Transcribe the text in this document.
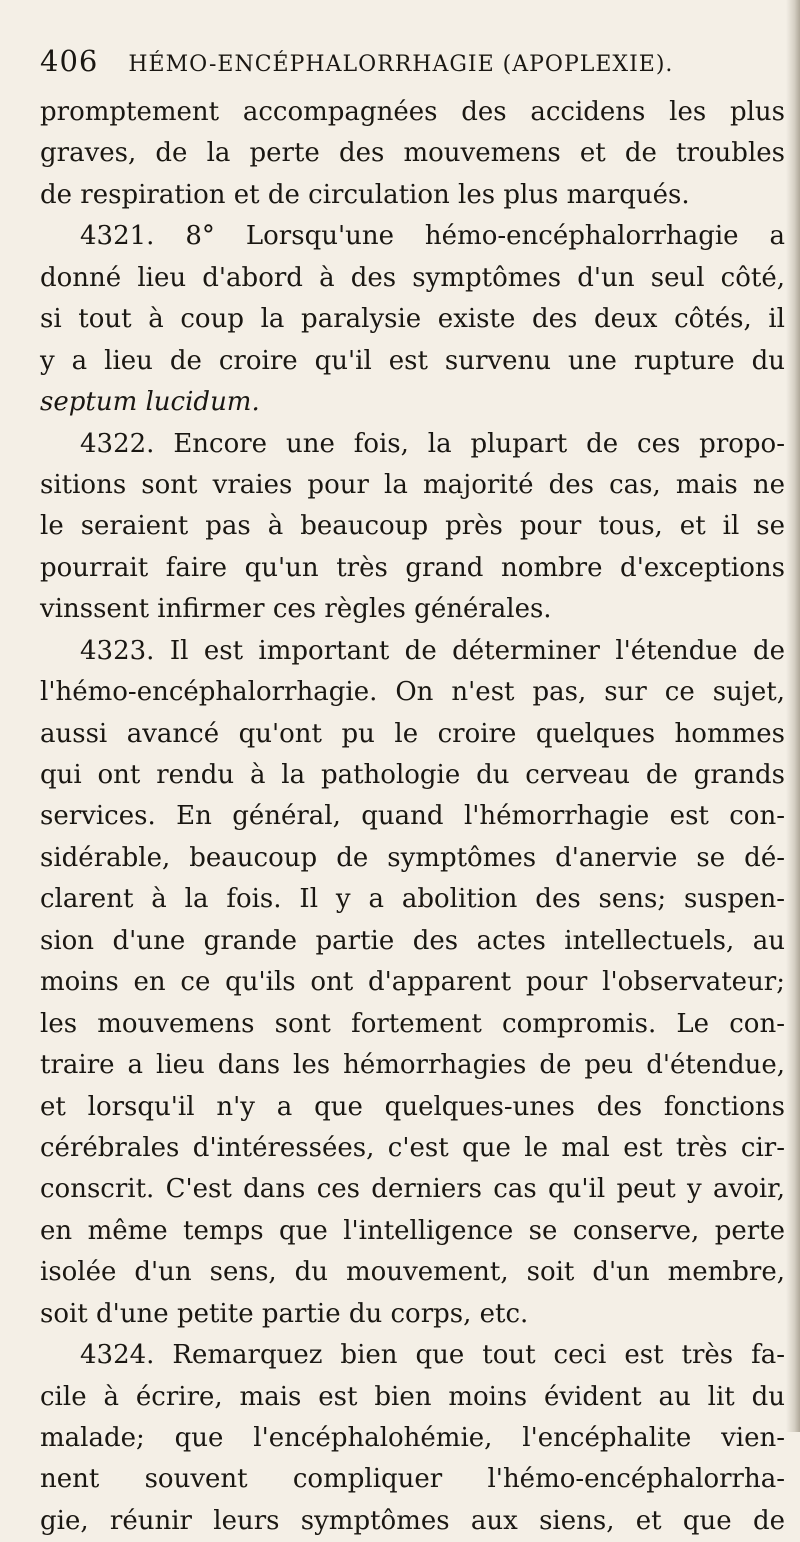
406 HÉMO-ENCÉPHALORRHAGIE (APOPLEXIE).
promptement accompagnées des accidens les plus
graves, de la perte des mouvemens et de troubles
de respiration et de circulation les plus marqués.
4321. 8° Lorsqu'une hémo-encéphalorrhagie a
donné lieu d'abord à des symptômes d'un seul côté,
si tout à coup la paralysie existe des deux côtés, il
y a lieu de croire qu'il est survenu une rupture du
septum lucidum.
4322. Encore une fois, la plupart de ces propo-
sitions sont vraies pour la majorité des cas, mais ne
le seraient pas à beaucoup près pour tous, et il se
pourrait faire qu'un très grand nombre d'exceptions
vinssent infirmer ces règles générales.
4323. Il est important de déterminer l'étendue de
l'hémo-encéphalorrhagie. On n'est pas, sur ce sujet,
aussi avancé qu'ont pu le croire quelques hommes
qui ont rendu à la pathologie du cerveau de grands
services. En général, quand l'hémorrhagie est con-
sidérable, beaucoup de symptômes d'anervie se dé-
clarent à la fois. Il y a abolition des sens; suspen-
sion d'une grande partie des actes intellectuels, au
moins en ce qu'ils ont d'apparent pour l'observateur;
les mouvemens sont fortement compromis. Le con-
traire a lieu dans les hémorrhagies de peu d'étendue,
et lorsqu'il n'y a que quelques-unes des fonctions
cérébrales d'intéressées, c'est que le mal est très cir-
conscrit. C'est dans ces derniers cas qu'il peut y avoir,
en même temps que l'intelligence se conserve, perte
isolée d'un sens, du mouvement, soit d'un membre,
soit d'une petite partie du corps, etc.
4324. Remarquez bien que tout ceci est très fa-
cile à écrire, mais est bien moins évident au lit du
malade; que l'encéphalohémie, l'encéphalite vien-
nent souvent compliquer l'hémo-encéphalorrha-
gie, réunir leurs symptômes aux siens, et que de
